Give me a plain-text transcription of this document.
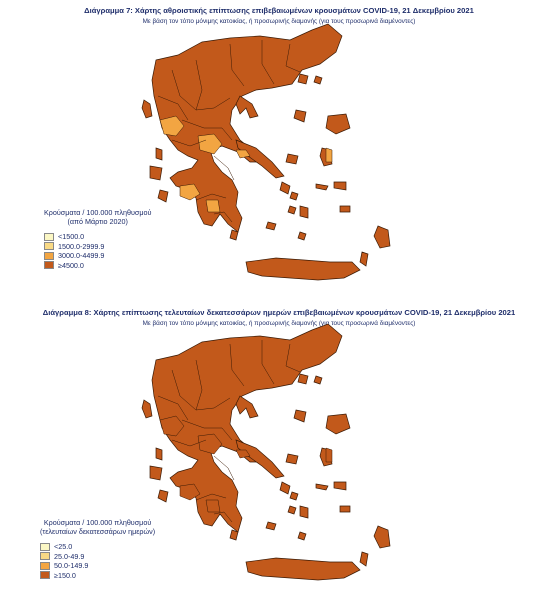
Διάγραμμα 7: Χάρτης αθροιστικής επίπτωσης επιβεβαιωμένων κρουσμάτων COVID-19, 21 Δεκεμβρίου 2021
Με βάση τον τόπο μόνιμης κατοικίας, ή προσωρινής διαμονής (για τους προσωρινά διαμένοντες)
Κρούσματα / 100.000 πληθυσμού
(από Μάρτιο 2020)
<1500.0
1500.0-2999.9
3000.0-4499.9
≥4500.0
Διάγραμμα 8: Χάρτης επίπτωσης τελευταίων δεκατεσσάρων ημερών επιβεβαιωμένων κρουσμάτων COVID-19, 21 Δεκεμβρίου 2021
Με βάση τον τόπο μόνιμης κατοικίας, ή προσωρινής διαμονής (για τους προσωρινά διαμένοντες)
Κρούσματα / 100.000 πληθυσμού
(τελευταίων δεκατεσσάρων ημερών)
<25.0
25.0-49.9
50.0-149.9
≥150.0
